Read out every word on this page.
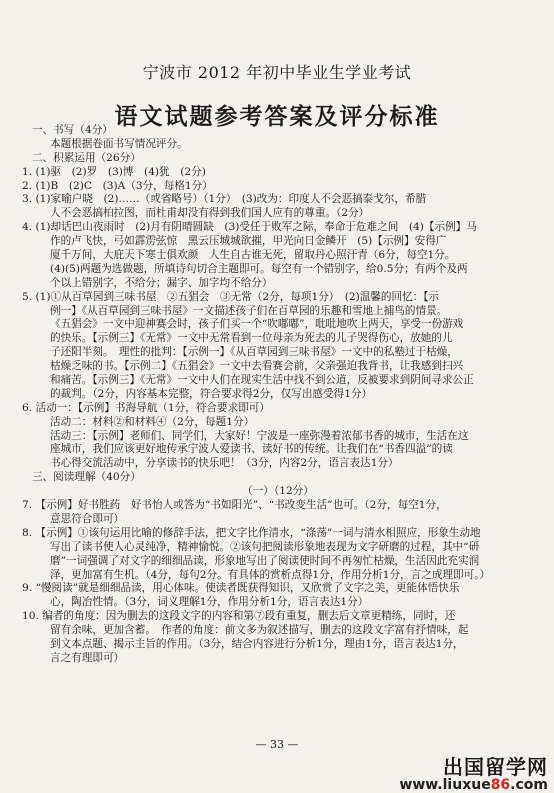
宁波市 2012 年初中毕业生学业考试
语文试题参考答案及评分标准
一、书写（4分）
本题根据卷面书写情况评分。
二、积累运用（26分）
1. (1)驱　(2)罗　(3)博　(4)犹　(2分)
2. (1)B　(2)C　(3)A（3分，每格1分）
3. (1)家喻户晓　(2)……（或省略号）（1分）　(3)改为：印度人不会恶搞泰戈尔，希腊
人不会恶搞柏拉图，而杜甫却没有得到我们国人应有的尊重。（2分）
4. (1)却话巴山夜雨时　(2)月有阴晴圆缺　(3)受任于败军之际，奉命于危难之间　(4)【示例】马
作的卢飞快，弓如霹雳弦惊　黑云压城城欲摧，甲光向日金鳞开　(5)【示例】安得广
厦千万间，大庇天下寒士俱欢颜　人生自古谁无死，留取丹心照汗青（6分，每空1分。
(4)(5)两题为选做题，所填诗句切合主题即可。每空有一个错别字，给0.5分；有两个及两
个以上错别字，不给分；漏字、加字均不给分）
5. (1)①从百草园到三味书屋　②五猖会　③无常（2分，每项1分）　(2)温馨的回忆：【示
例一】《从百草园到三味书屋》一文描述孩子们在百草园的乐趣和雪地上捕鸟的情景。
《五猖会》一文中迎神赛会时，孩子们买一个“吹嘟嘟”，吡吡地吹上两天，享受一份游戏
的快乐。【示例三】《无常》一文中无常看到一位母亲为死去的儿子哭得伤心，放她的儿
子还阳半刻。　理性的批判：【示例一】《从百草园到三味书屋》一文中的私塾过于枯燥，
枯燥乏味的书。【示例二】《五猖会》一文中去看赛会前，父亲强迫我背书，让我感到扫兴
和痛苦。【示例三】《无常》一文中人们在现实生活中找不到公道，反被要求到阴间寻求公正
的裁判。（2分，内容基本完整，符合要求得2分，仅写出感受得1分）
6. 活动一：【示例】书海导航（1分，符合要求即可）
活动二：材料②和材料④（2分，每题1分）
活动三：【示例】老师们、同学们，大家好！宁波是一座弥漫着浓郁书香的城市，生活在这
座城市，我们应该更好地传承宁波人爱读书、读好书的传统。让我们在“书香四溢”的读
书心得交流活动中，分享读书的快乐吧！（3分，内容2分，语言表达1分）
三、阅读理解（40分）
（一）（12分）
7. 【示例】好书胜药　好书怡人或答为“书如阳光”、“书改变生活”也可。（2分，每空1分，
意思符合即可）
8. 【示例】①该句运用比喻的修辞手法，把文字比作清水，“涤荡”一词与清水相照应，形象生动地
写出了读书使人心灵纯净，精神愉悦。②该句把阅读形象地表现为文字研磨的过程，其中“研
磨”一词强调了对文字的细细品读，形象地写出了阅读使时间不再匆忙枯燥，生活因此充实润
泽，更加富有生机。（4分，每句2分。有具体的赏析点得1分，作用分析1分，言之成理即可。）
9. “慢阅读”就是细细品读，用心体味。使读者既获得知识，又欣赏了文字之美，更能体悟快乐
心，陶冶性情。（3分，词义理解1分，作用分析1分，语言表达1分）
10. 编者的角度：因为删去的这段文字的内容和第⑦段有重复，删去后文章更精练，同时，还
留有余味，更加含蓄。　作者的角度：前文多为叙述描写，删去的这段文字富有抒情味，起
到文本点题、揭示主旨的作用。（3分，结合内容进行分析1分，理由1分，语言表达1分，
言之有理即可）
— 33 —
出国留学网
www.liuxue86.com
